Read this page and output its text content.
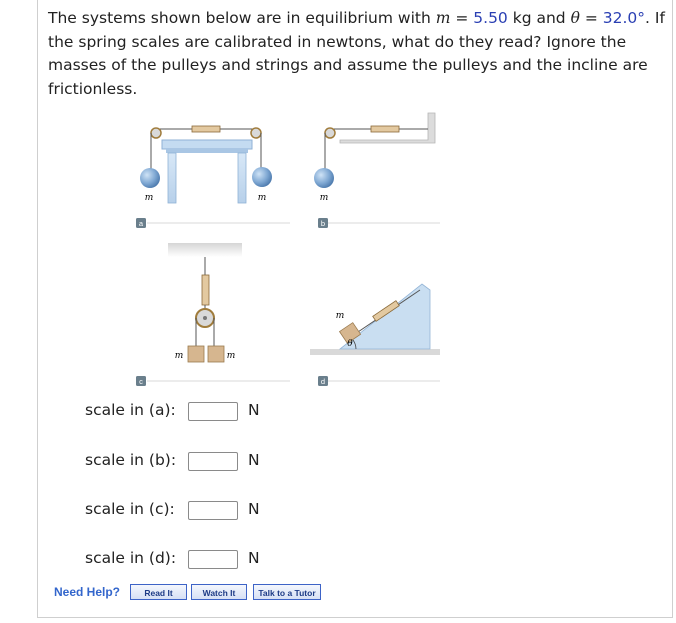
The systems shown below are in equilibrium with m = 5.50 kg and θ = 32.0°. If the spring scales are calibrated in newtons, what do they read? Ignore the masses of the pulleys and strings and assume the pulleys and the incline are frictionless.
m	m	m
a	b
m	m
m
θ
c	d
scale in (a):	N
scale in (b):	N
scale in (c):	N
scale in (d):	N
Need Help?	Read It	Watch It	Talk to a Tutor
